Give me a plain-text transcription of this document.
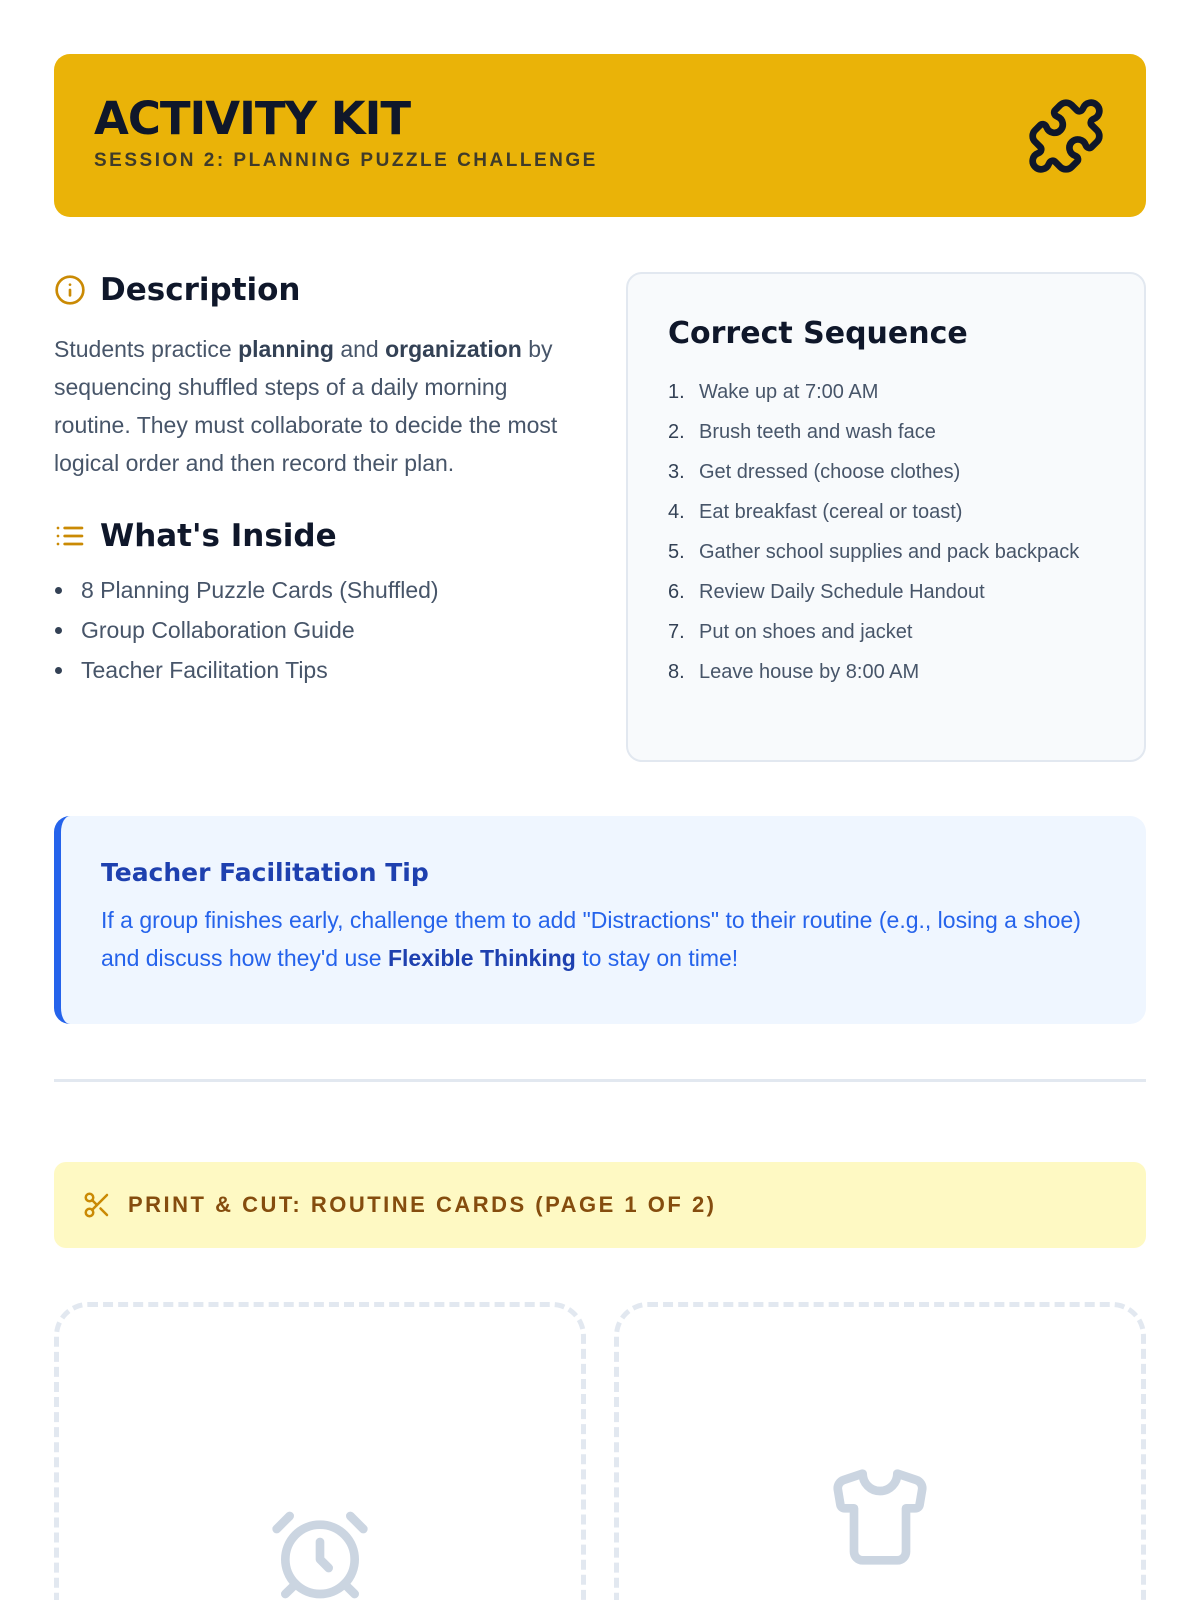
ACTIVITY KIT
SESSION 2: PLANNING PUZZLE CHALLENGE
Description

Students practice planning and organization by sequencing shuffled steps of a daily morning routine. They must collaborate to decide the most logical order and then record their plan.

What's Inside
8 Planning Puzzle Cards (Shuffled)
Group Collaboration Guide
Teacher Facilitation Tips
Correct Sequence
1. Wake up at 7:00 AM
2. Brush teeth and wash face
3. Get dressed (choose clothes)
4. Eat breakfast (cereal or toast)
5. Gather school supplies and pack backpack
6. Review Daily Schedule Handout
7. Put on shoes and jacket
8. Leave house by 8:00 AM
Teacher Facilitation Tip

If a group finishes early, challenge them to add "Distractions" to their routine (e.g., losing a shoe) and discuss how they'd use Flexible Thinking to stay on time!

PRINT & CUT: ROUTINE CARDS (PAGE 1 OF 2)
